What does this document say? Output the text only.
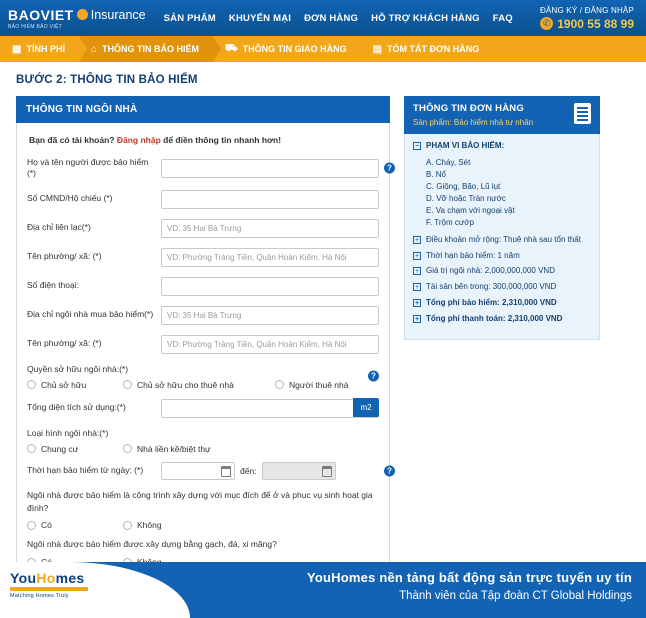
BAOVIET Insurance
BẢO HIỂM BẢO VIỆT
SẢN PHẨM KHUYẾN MẠI ĐƠN HÀNG HỖ TRỢ KHÁCH HÀNG FAQ
ĐĂNG KÝ / ĐĂNG NHẬP
✆ 1900 55 88 99
▦ TÍNH PHÍ	⌂ THÔNG TIN BẢO HIỂM	⛟ THÔNG TIN GIAO HÀNG	▤ TÓM TẮT ĐƠN HÀNG
BƯỚC 2: THÔNG TIN BẢO HIỂM
THÔNG TIN NGÔI NHÀ
Bạn đã có tài khoản? Đăng nhập để điền thông tin nhanh hơn!
Họ và tên người được bảo hiểm (*)	?
Số CMND/Hộ chiếu (*)
Địa chỉ liên lạc(*)
VD: 35 Hai Bà Trưng
Tên phường/ xã: (*)
VD: Phường Tràng Tiền, Quận Hoàn Kiếm, Hà Nội
Số điện thoại:
Địa chỉ ngôi nhà mua bảo hiểm(*)
VD: 35 Hai Bà Trưng
Tên phường/ xã: (*)
VD: Phường Tràng Tiền, Quận Hoàn Kiếm, Hà Nội
Quyền sở hữu ngôi nhà:(*)
?
Chủ sở hữu	Chủ sở hữu cho thuê nhà	Người thuê nhà
Tổng diện tích sử dụng:(*)	m2
Loại hình ngôi nhà:(*)
Chung cư	Nhà liền kề/biệt thự
Thời hạn bảo hiểm từ ngày: (*)	đến:	?
Ngôi nhà được bảo hiểm là công trình xây dựng với mục đích để ở và phục vụ sinh hoạt gia đình?
Có	Không
Ngôi nhà được bảo hiểm được xây dựng bằng gạch, đá, xi măng?
THÔNG TIN ĐƠN HÀNG
Sản phẩm: Bảo hiểm nhà tư nhân
− PHẠM VI BẢO HIỂM:
A. Cháy, Sét
B. Nổ
C. Giông, Bão, Lũ lụt
D. Vỡ hoặc Tràn nước
E. Va chạm với ngoại vật
F. Trộm cướp
+ Điều khoản mở rộng: Thuê nhà sau tổn thất
+ Thời hạn bảo hiểm: 1 năm
+ Giá trị ngôi nhà: 2,000,000,000 VND
+ Tài sản bên trong: 300,000,000 VND
+ Tổng phí bảo hiểm: 2,310,000 VND
+ Tổng phí thanh toán: 2,310,000 VND
YouHomes
Matching Homes Truly
YouHomes nền tảng bất động sản trực tuyến uy tín
Thành viên của Tập đoàn CT Global Holdings
